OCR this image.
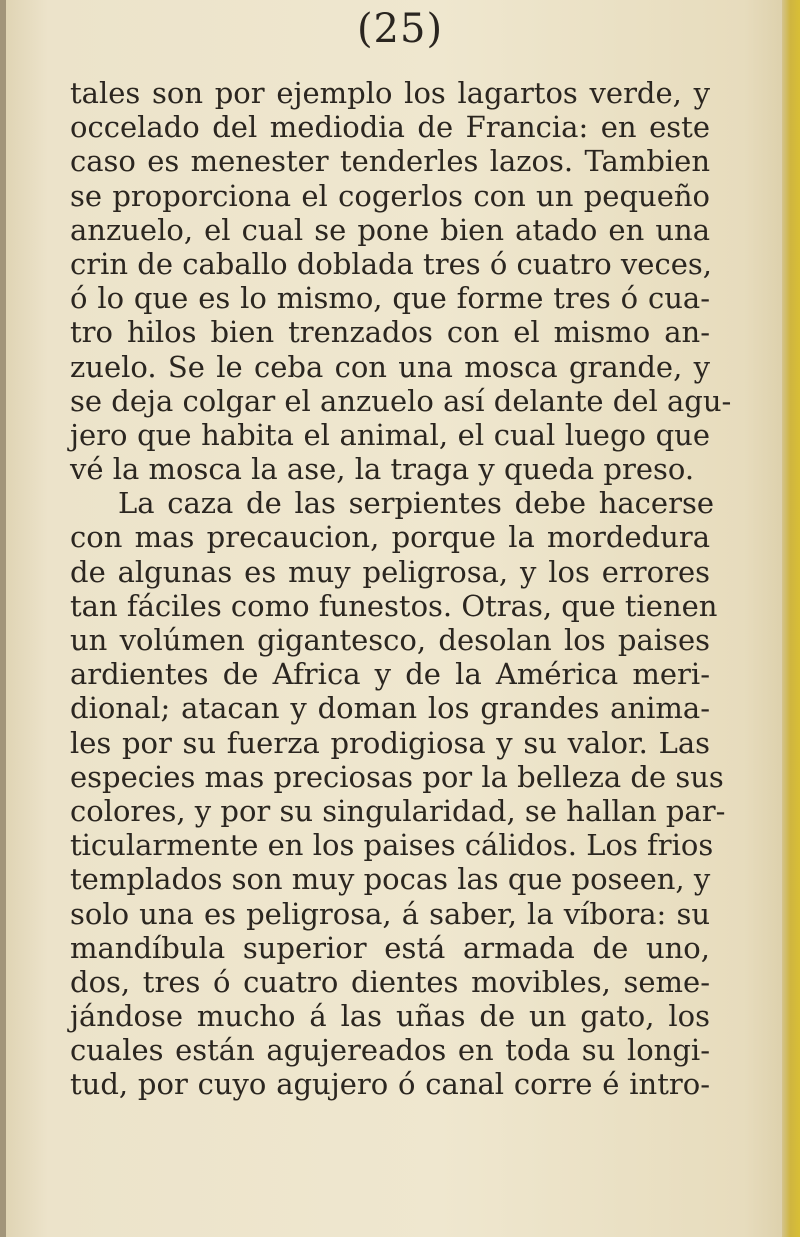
(25)
tales son por ejemplo los lagartos verde, y
occelado del mediodia de Francia: en este
caso es menester tenderles lazos. Tambien
se proporciona el cogerlos con un pequeño
anzuelo, el cual se pone bien atado en una
crin de caballo doblada tres ó cuatro veces,
ó lo que es lo mismo, que forme tres ó cua-
tro hilos bien trenzados con el mismo an-
zuelo. Se le ceba con una mosca grande, y
se deja colgar el anzuelo así delante del agu-
jero que habita el animal, el cual luego que
vé la mosca la ase, la traga y queda preso.
La caza de las serpientes debe hacerse
con mas precaucion, porque la mordedura
de algunas es muy peligrosa, y los errores
tan fáciles como funestos. Otras, que tienen
un volúmen gigantesco, desolan los paises
ardientes de Africa y de la América meri-
dional; atacan y doman los grandes anima-
les por su fuerza prodigiosa y su valor. Las
especies mas preciosas por la belleza de sus
colores, y por su singularidad, se hallan par-
ticularmente en los paises cálidos. Los frios
templados son muy pocas las que poseen, y
solo una es peligrosa, á saber, la víbora: su
mandíbula superior está armada de uno,
dos, tres ó cuatro dientes movibles, seme-
jándose mucho á las uñas de un gato, los
cuales están agujereados en toda su longi-
tud, por cuyo agujero ó canal corre é intro-
